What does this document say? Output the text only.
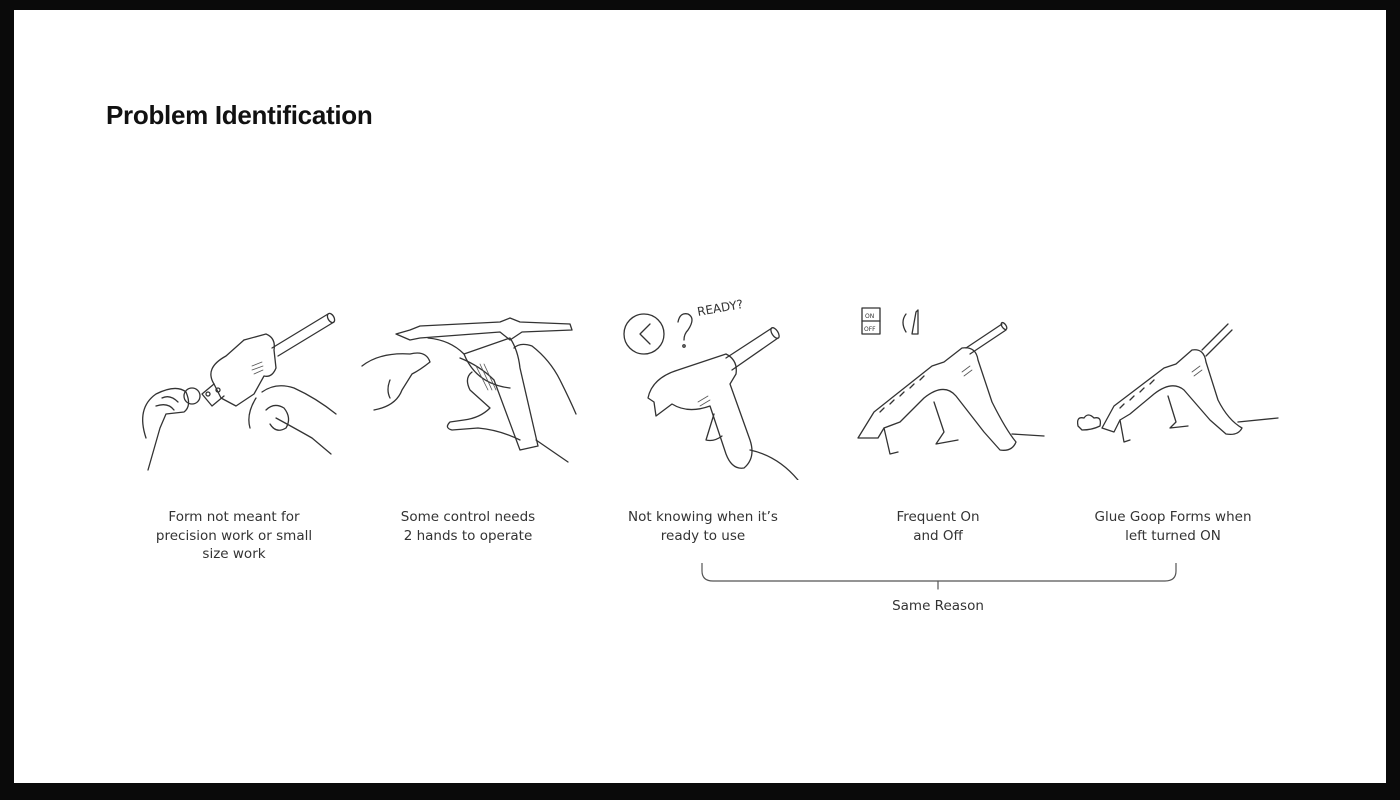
Problem Identification
READY?	ON
OFF
Form not meant for
precision work or small
size work
Some control needs
2 hands to operate
Not knowing when it’s
ready to use
Frequent On
and Off
Glue Goop Forms when
left turned ON
Same Reason
